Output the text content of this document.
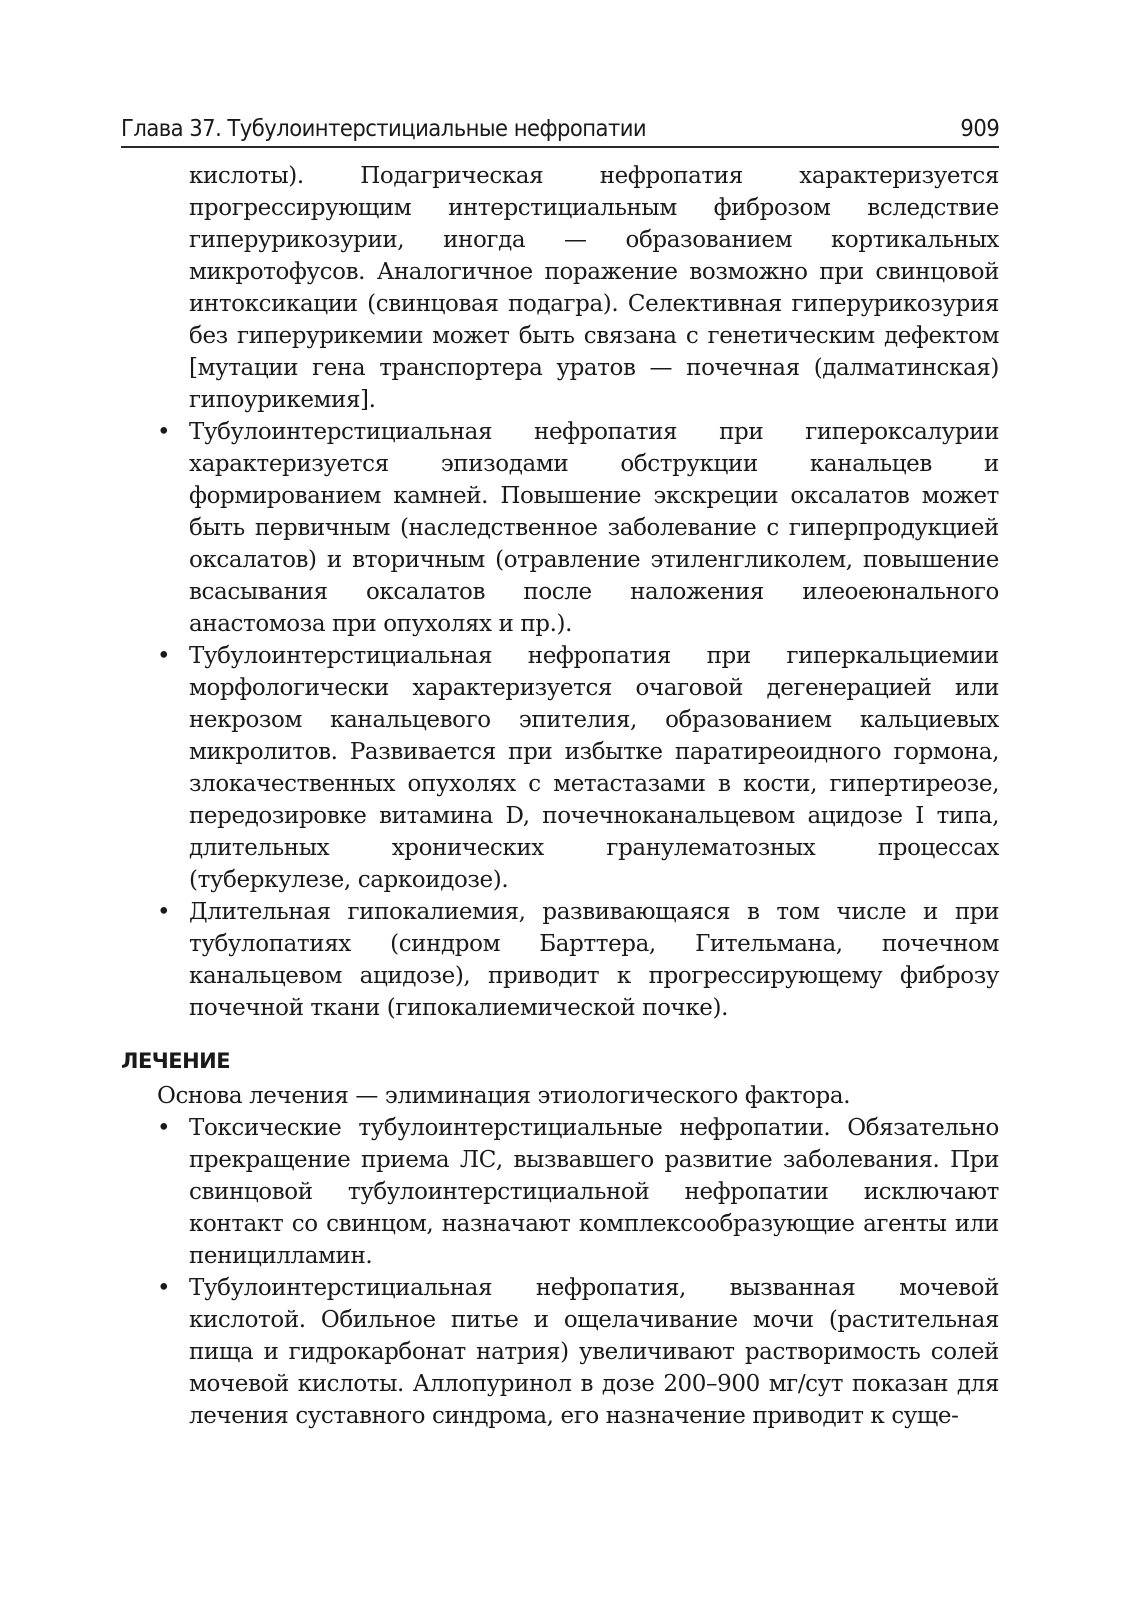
Глава 37. Тубулоинтерстициальные нефропатии	909

кислоты). Подагрическая нефропатия характеризуется прогрессирующим интерстициальным фиброзом вследствие гиперурикозурии, иногда — образованием кортикальных микротофусов. Аналогичное поражение возможно при свинцовой интоксикации (свинцовая подагра). Селективная гиперурикозурия без гиперурикемии может быть связана с генетическим дефектом [мутации гена транспортера уратов — почечная (далматинская) гипоурикемия].

• Тубулоинтерстициальная нефропатия при гипероксалурии характеризуется эпизодами обструкции канальцев и формированием камней. Повышение экскреции оксалатов может быть первичным (наследственное заболевание с гиперпродукцией оксалатов) и вторичным (отравление этиленгликолем, повышение всасывания оксалатов после наложения илеоеюнального анастомоза при опухолях и пр.).
• Тубулоинтерстициальная нефропатия при гиперкальциемии морфологически характеризуется очаговой дегенерацией или некрозом канальцевого эпителия, образованием кальциевых микролитов. Развивается при избытке паратиреоидного гормона, злокачественных опухолях с метастазами в кости, гипертиреозе, передозировке витамина D, почечноканальцевом ацидозе I типа, длительных хронических гранулематозных процессах (туберкулезе, саркоидозе).
• Длительная гипокалиемия, развивающаяся в том числе и при тубулопатиях (синдром Барттера, Гительмана, почечном канальцевом ацидозе), приводит к прогрессирующему фиброзу почечной ткани (гипокалиемической почке).
ЛЕЧЕНИЕ

Основа лечения — элиминация этиологического фактора.

• Токсические тубулоинтерстициальные нефропатии. Обязательно прекращение приема ЛС, вызвавшего развитие заболевания. При свинцовой тубулоинтерстициальной нефропатии исключают контакт со свинцом, назначают комплексообразующие агенты или пеницилламин.
• Тубулоинтерстициальная нефропатия, вызванная мочевой кислотой. Обильное питье и ощелачивание мочи (растительная пища и гидрокарбонат натрия) увеличивают растворимость солей мочевой кислоты. Аллопуринол в дозе 200–900 мг/сут показан для лечения суставного синдрома, его назначение приводит к суще-
